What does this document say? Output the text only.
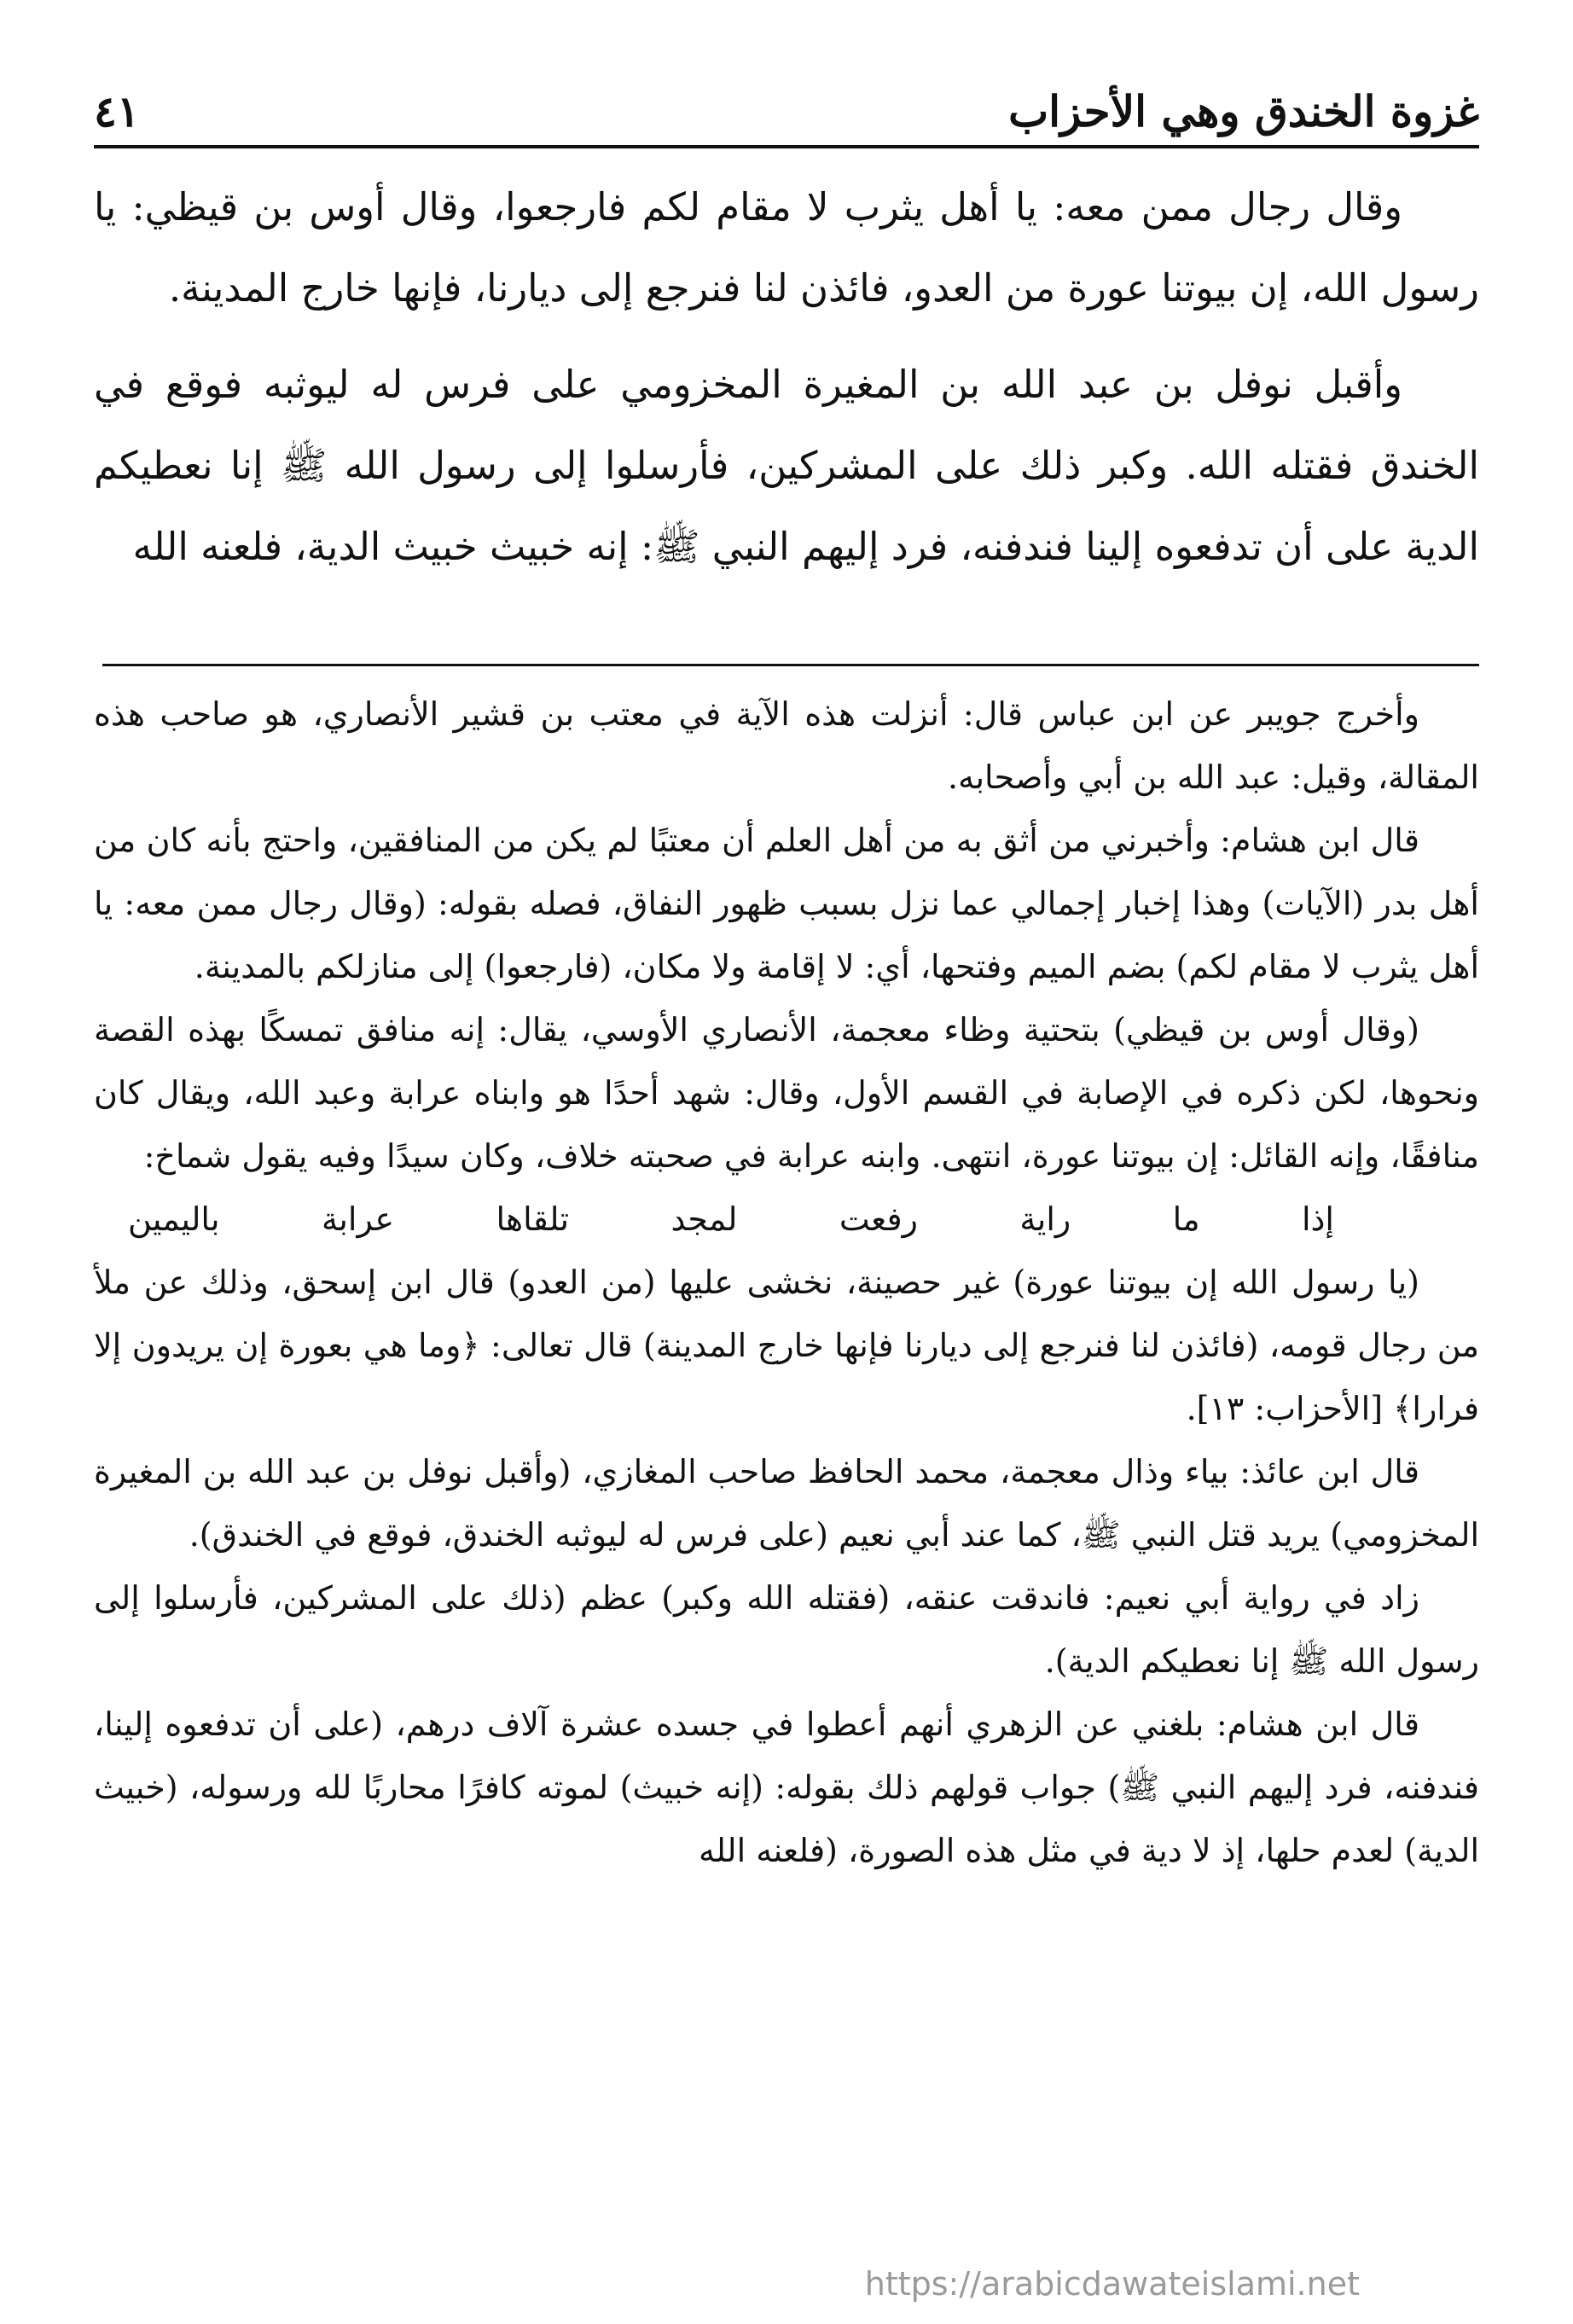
غزوة الخندق وهي الأحزاب
٤١

وقال رجال ممن معه: يا أهل يثرب لا مقام لكم فارجعوا، وقال أوس بن قيظي: يا رسول الله، إن بيوتنا عورة من العدو، فائذن لنا فنرجع إلى ديارنا، فإنها خارج المدينة.

وأقبل نوفل بن عبد الله بن المغيرة المخزومي على فرس له ليوثبه فوقع في الخندق فقتله الله. وكبر ذلك على المشركين، فأرسلوا إلى رسول الله ﷺ إنا نعطيكم الدية على أن تدفعوه إلينا فندفنه، فرد إليهم النبي ﷺ: إنه خبيث خبيث الدية، فلعنه الله

وأخرج جويبر عن ابن عباس قال: أنزلت هذه الآية في معتب بن قشير الأنصاري، هو صاحب هذه المقالة، وقيل: عبد الله بن أبي وأصحابه.

قال ابن هشام: وأخبرني من أثق به من أهل العلم أن معتبًا لم يكن من المنافقين، واحتج بأنه كان من أهل بدر (الآيات) وهذا إخبار إجمالي عما نزل بسبب ظهور النفاق، فصله بقوله: (وقال رجال ممن معه: يا أهل يثرب لا مقام لكم) بضم الميم وفتحها، أي: لا إقامة ولا مكان، (فارجعوا) إلى منازلكم بالمدينة.

(وقال أوس بن قيظي) بتحتية وظاء معجمة، الأنصاري الأوسي، يقال: إنه منافق تمسكًا بهذه القصة ونحوها، لكن ذكره في الإصابة في القسم الأول، وقال: شهد أحدًا هو وابناه عرابة وعبد الله، ويقال كان منافقًا، وإنه القائل: إن بيوتنا عورة، انتهى. وابنه عرابة في صحبته خلاف، وكان سيدًا وفيه يقول شماخ:

إذا ما راية رفعت لمجد تلقاها عرابة باليمين

(يا رسول الله إن بيوتنا عورة) غير حصينة، نخشى عليها (من العدو) قال ابن إسحق، وذلك عن ملأ من رجال قومه، (فائذن لنا فنرجع إلى ديارنا فإنها خارج المدينة) قال تعالى: ﴿وما هي بعورة إن يريدون إلا فرارا﴾ [الأحزاب: ١٣].

قال ابن عائذ: بياء وذال معجمة، محمد الحافظ صاحب المغازي، (وأقبل نوفل بن عبد الله بن المغيرة المخزومي) يريد قتل النبي ﷺ، كما عند أبي نعيم (على فرس له ليوثبه الخندق، فوقع في الخندق).

زاد في رواية أبي نعيم: فاندقت عنقه، (فقتله الله وكبر) عظم (ذلك على المشركين، فأرسلوا إلى رسول الله ﷺ إنا نعطيكم الدية).

قال ابن هشام: بلغني عن الزهري أنهم أعطوا في جسده عشرة آلاف درهم، (على أن تدفعوه إلينا، فندفنه، فرد إليهم النبي ﷺ) جواب قولهم ذلك بقوله: (إنه خبيث) لموته كافرًا محاربًا لله ورسوله، (خبيث الدية) لعدم حلها، إذ لا دية في مثل هذه الصورة، (فلعنه الله

https://arabicdawateislami.net
